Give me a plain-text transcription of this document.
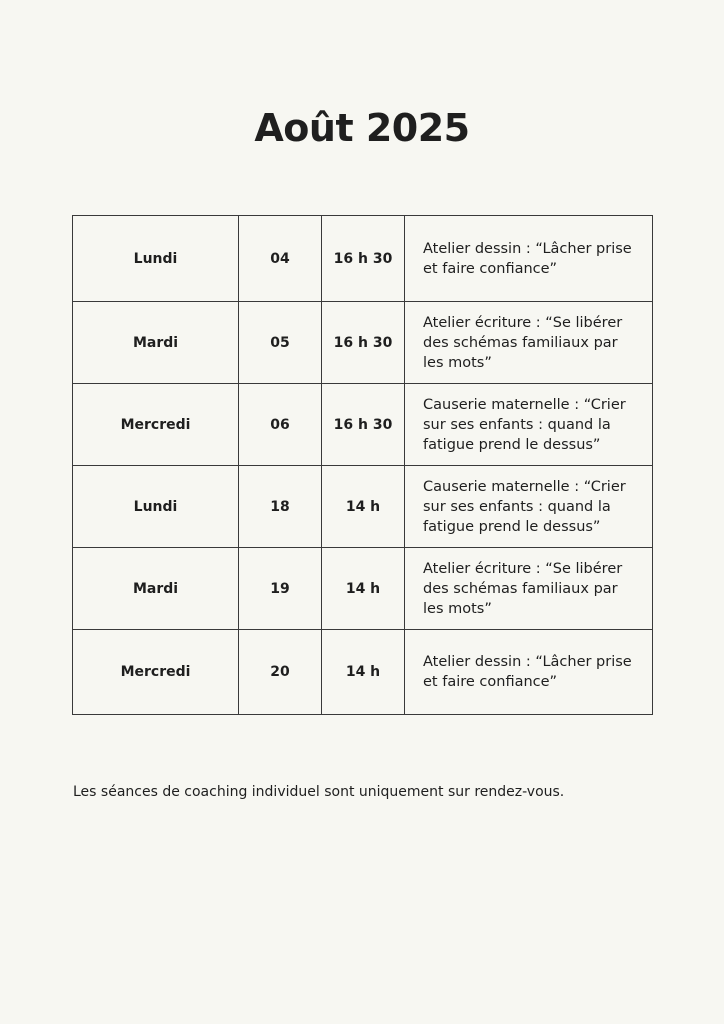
Août 2025
Lundi	04	16 h 30	Atelier dessin : “Lâcher prise et faire confiance”
Mardi	05	16 h 30	Atelier écriture : “Se libérer des schémas familiaux par les mots”
Mercredi	06	16 h 30	Causerie maternelle : “Crier sur ses enfants : quand la fatigue prend le dessus”
Lundi	18	14 h	Causerie maternelle : “Crier sur ses enfants : quand la fatigue prend le dessus”
Mardi	19	14 h	Atelier écriture : “Se libérer des schémas familiaux par les mots”
Mercredi	20	14 h	Atelier dessin : “Lâcher prise et faire confiance”

Les séances de coaching individuel sont uniquement sur rendez-vous.
